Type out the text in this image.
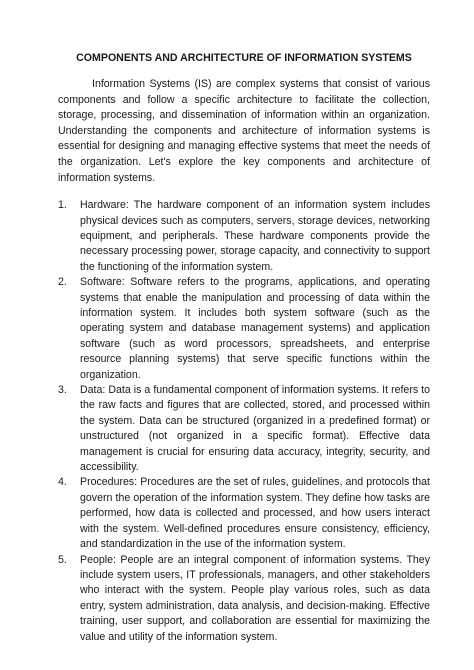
COMPONENTS AND ARCHITECTURE OF INFORMATION SYSTEMS

Information Systems (IS) are complex systems that consist of various components and follow a specific architecture to facilitate the collection, storage, processing, and dissemination of information within an organization. Understanding the components and architecture of information systems is essential for designing and managing effective systems that meet the needs of the organization. Let's explore the key components and architecture of information systems.

1.	Hardware: The hardware component of an information system includes physical devices such as computers, servers, storage devices, networking equipment, and peripherals. These hardware components provide the necessary processing power, storage capacity, and connectivity to support the functioning of the information system.
2.	Software: Software refers to the programs, applications, and operating systems that enable the manipulation and processing of data within the information system. It includes both system software (such as the operating system and database management systems) and application software (such as word processors, spreadsheets, and enterprise resource planning systems) that serve specific functions within the organization.
3.	Data: Data is a fundamental component of information systems. It refers to the raw facts and figures that are collected, stored, and processed within the system. Data can be structured (organized in a predefined format) or unstructured (not organized in a specific format). Effective data management is crucial for ensuring data accuracy, integrity, security, and accessibility.
4.	Procedures: Procedures are the set of rules, guidelines, and protocols that govern the operation of the information system. They define how tasks are performed, how data is collected and processed, and how users interact with the system. Well-defined procedures ensure consistency, efficiency, and standardization in the use of the information system.
5.	People: People are an integral component of information systems. They include system users, IT professionals, managers, and other stakeholders who interact with the system. People play various roles, such as data entry, system administration, data analysis, and decision-making. Effective training, user support, and collaboration are essential for maximizing the value and utility of the information system.
